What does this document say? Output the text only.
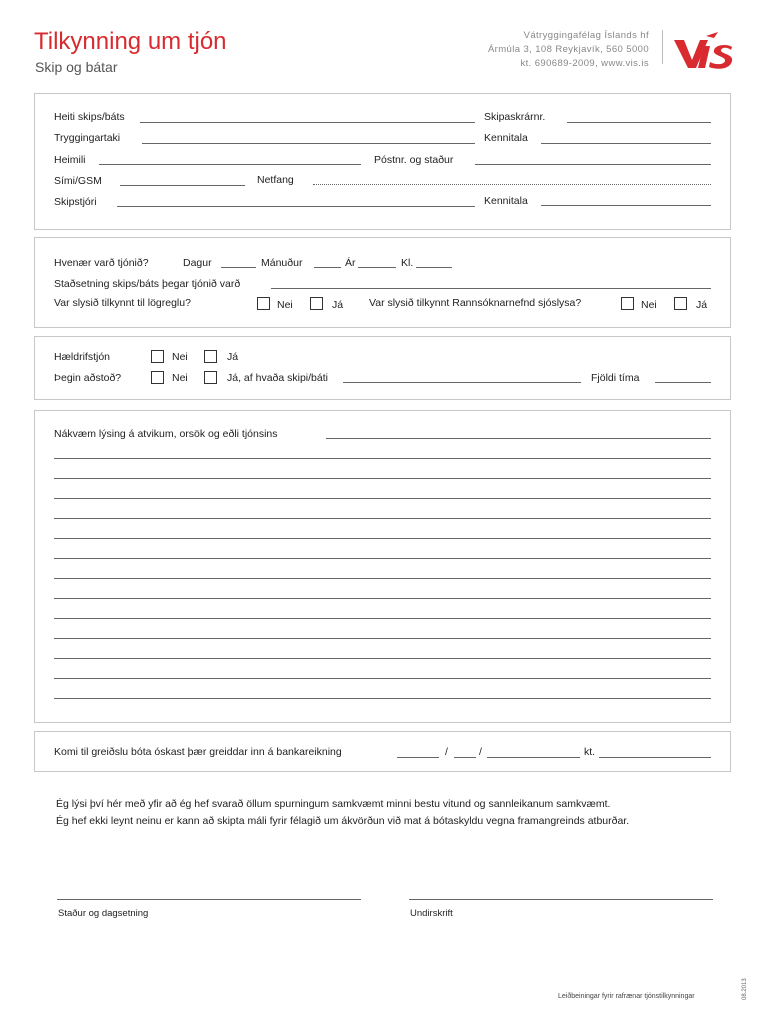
Tilkynning um tjón
Skip og bátar
Vátryggingafélag Íslands hf
Ármúla 3, 108 Reykjavík, 560 5000
kt. 690689-2009, www.vis.is
Heiti skips/báts	Skipaskrárnr.
Tryggingartaki	Kennitala
Heimili	Póstnr. og staður
Sími/GSM	Netfang
Skipstjóri	Kennitala
Hvenær varð tjónið?	Dagur	Mánuður	Ár	Kl.
Staðsetning skips/báts þegar tjónið varð
Var slysið tilkynnt til lögreglu?	Nei	Já Var slysið tilkynnt Rannsóknarnefnd sjóslysa?	Nei	Já
Hældrifstjón	Nei	Já
Þegin aðstoð?	Nei	Já, af hvaða skipi/báti	Fjöldi tíma
Nákvæm lýsing á atvikum, orsök og eðli tjónsins
Komi til greiðslu bóta óskast þær greiddar inn á bankareikning	/	/	kt.
Ég lýsi því hér með yfir að ég hef svarað öllum spurningum samkvæmt minni bestu vitund og sannleikanum samkvæmt.
Ég hef ekki leynt neinu er kann að skipta máli fyrir félagið um ákvörðun við mat á bótaskyldu vegna framangreinds atburðar.
Staður og dagsetning	Undirskrift
Leiðbeiningar fyrir rafrænar tjónstilkynningar	08.2013
